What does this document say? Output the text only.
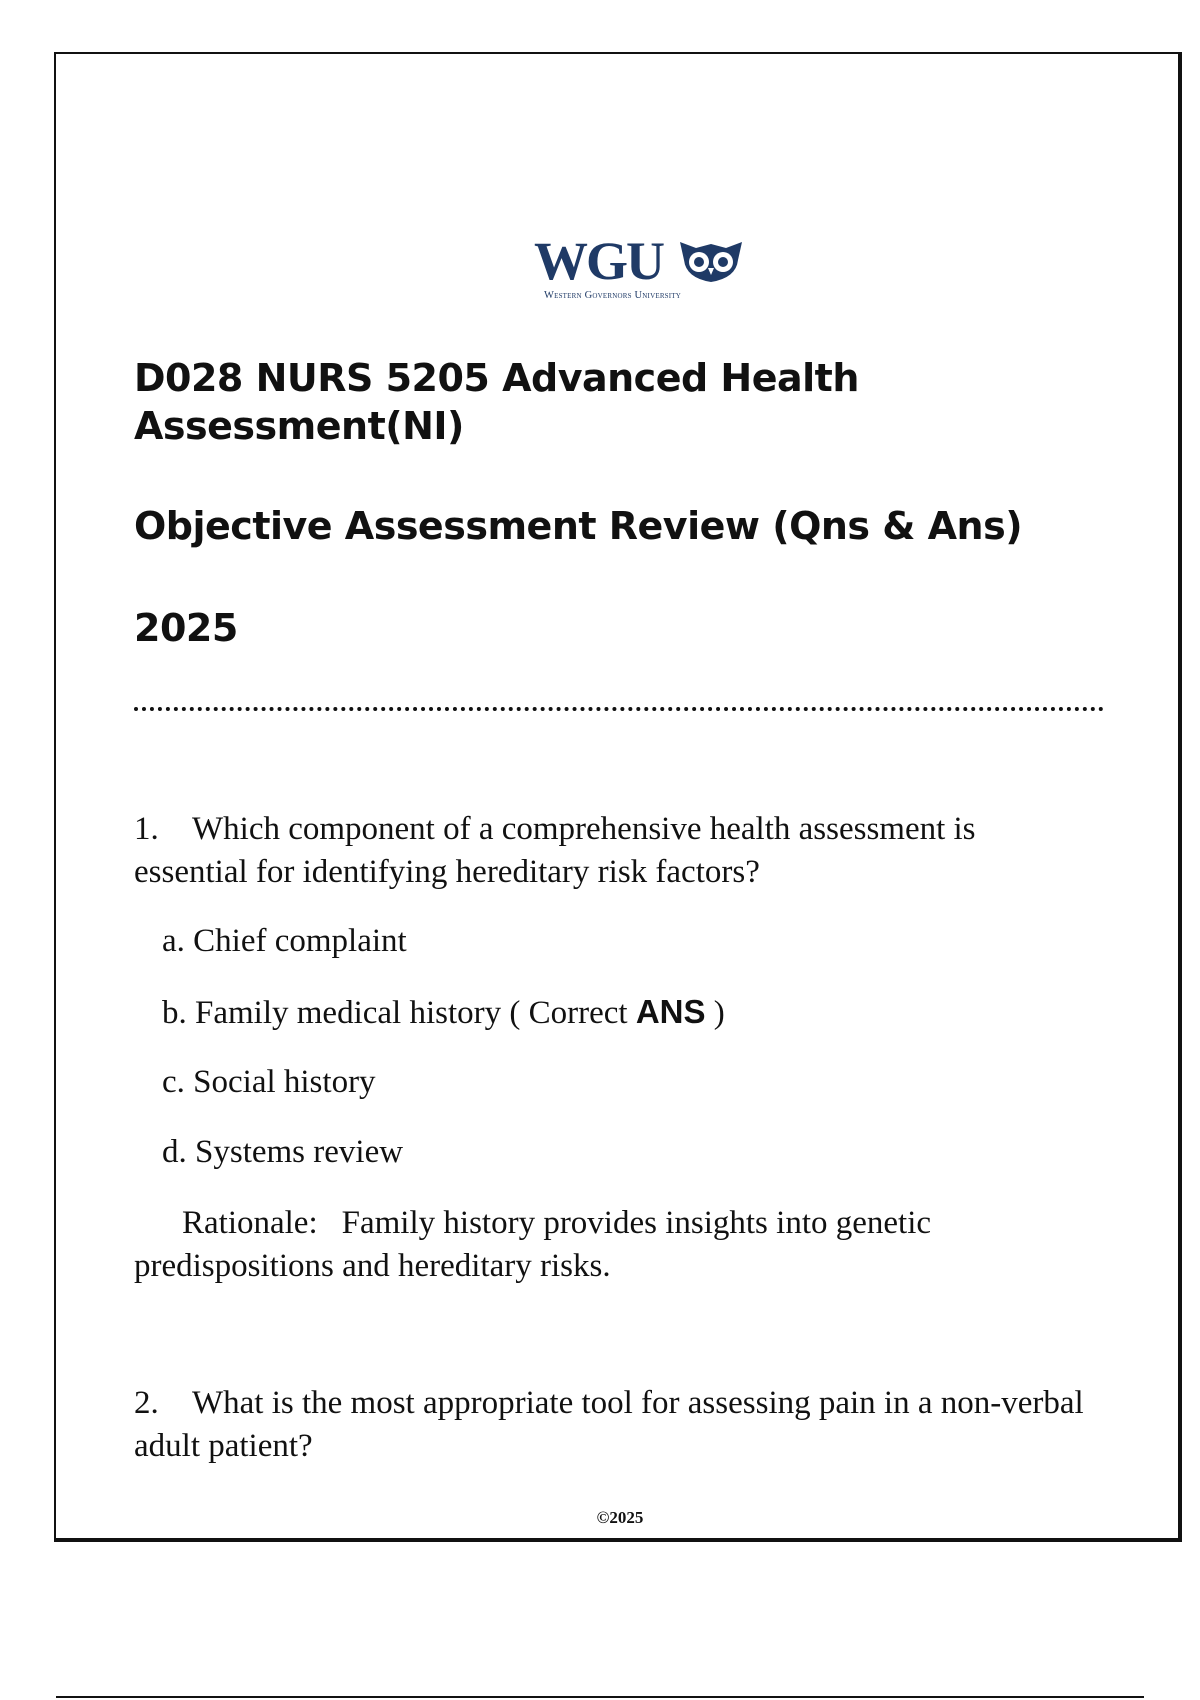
WGU
Western Governors University
D028 NURS 5205 Advanced Health Assessment(NI)
Objective Assessment Review (Qns & Ans)
2025

1. Which component of a comprehensive health assessment is essential for identifying hereditary risk factors?

a. Chief complaint
b. Family medical history ( Correct ANS )
c. Social history
d. Systems review

Rationale: Family history provides insights into genetic predispositions and hereditary risks.

2. What is the most appropriate tool for assessing pain in a non-verbal adult patient?

©2025
